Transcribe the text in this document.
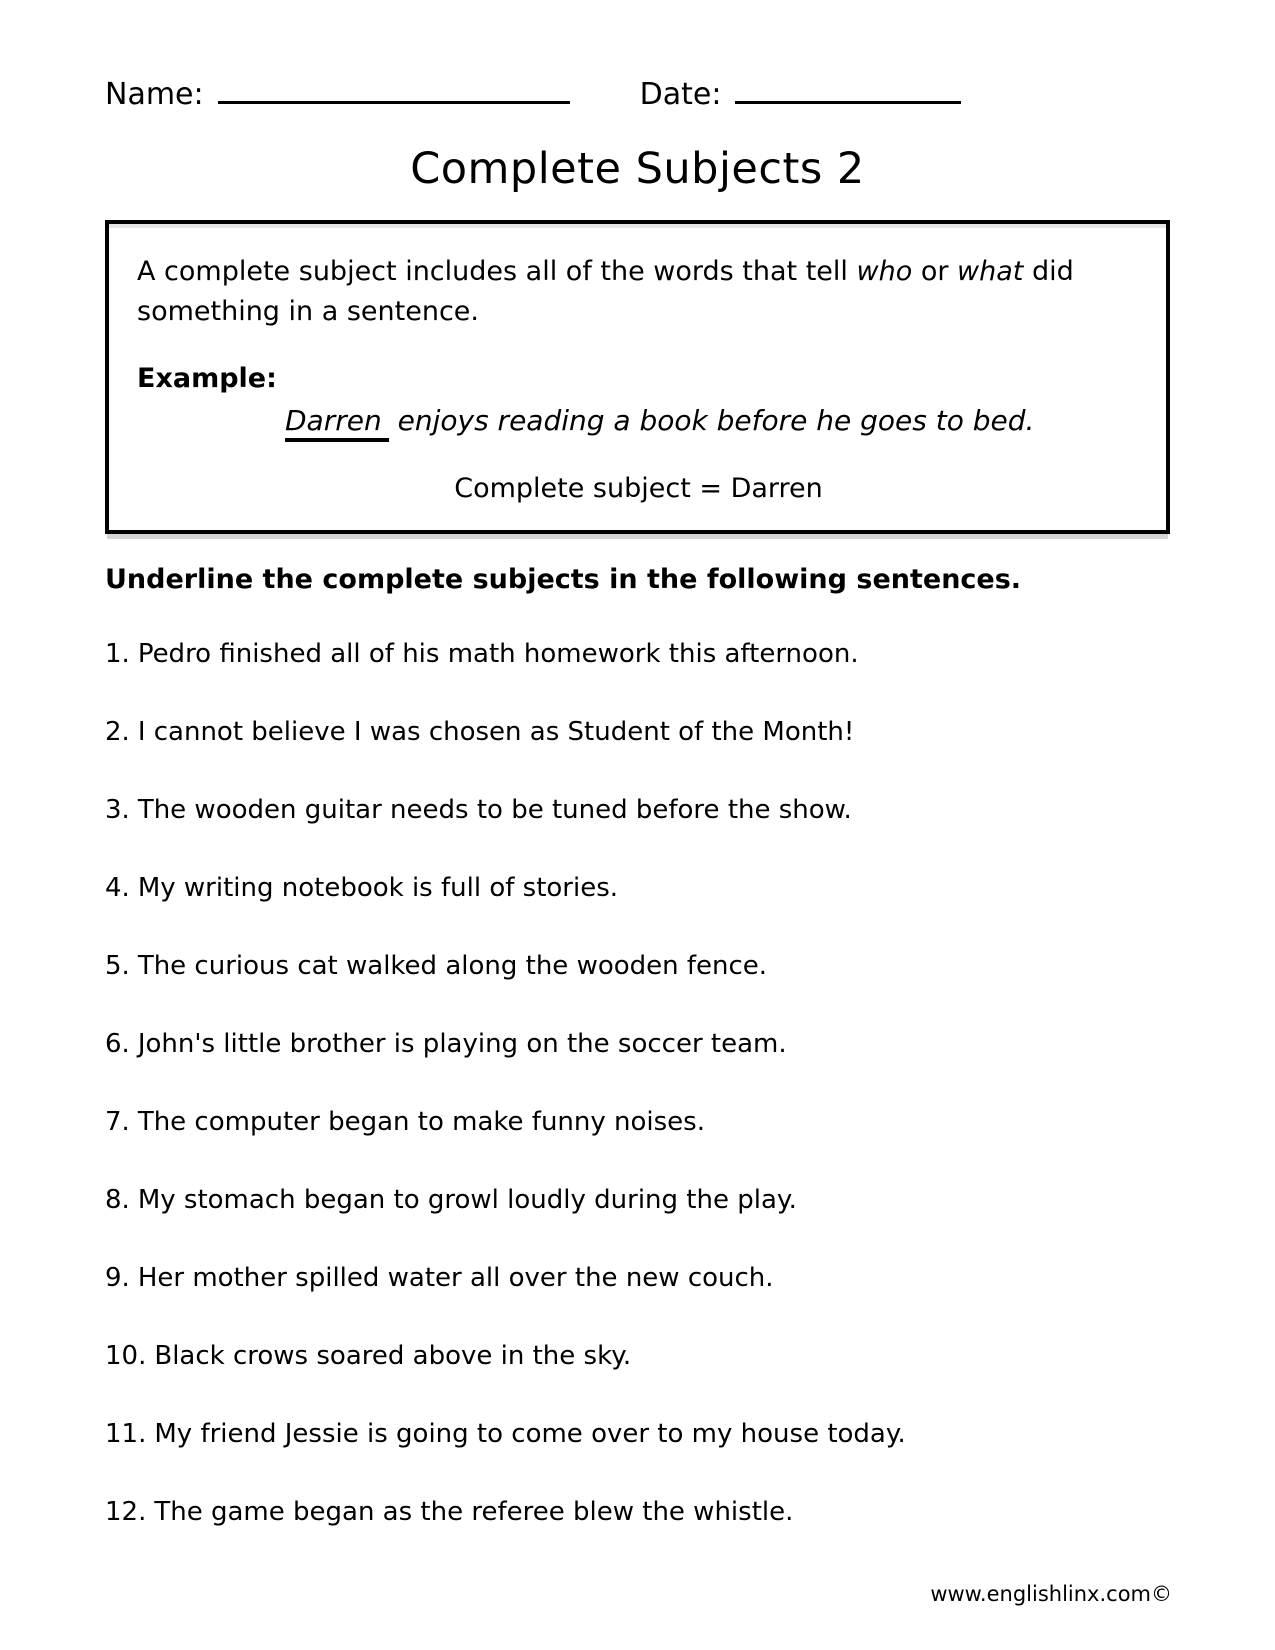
Name:	Date:
Complete Subjects 2

A complete subject includes all of the words that tell who or what did something in a sentence.

Example:

Darren enjoys reading a book before he goes to bed.

Complete subject = Darren

Underline the complete subjects in the following sentences.

1. Pedro finished all of his math homework this afternoon.
2. I cannot believe I was chosen as Student of the Month!
3. The wooden guitar needs to be tuned before the show.
4. My writing notebook is full of stories.
5. The curious cat walked along the wooden fence.
6. John's little brother is playing on the soccer team.
7. The computer began to make funny noises.
8. My stomach began to growl loudly during the play.
9. Her mother spilled water all over the new couch.
10. Black crows soared above in the sky.
11. My friend Jessie is going to come over to my house today.
12. The game began as the referee blew the whistle.
www.englishlinx.com©
